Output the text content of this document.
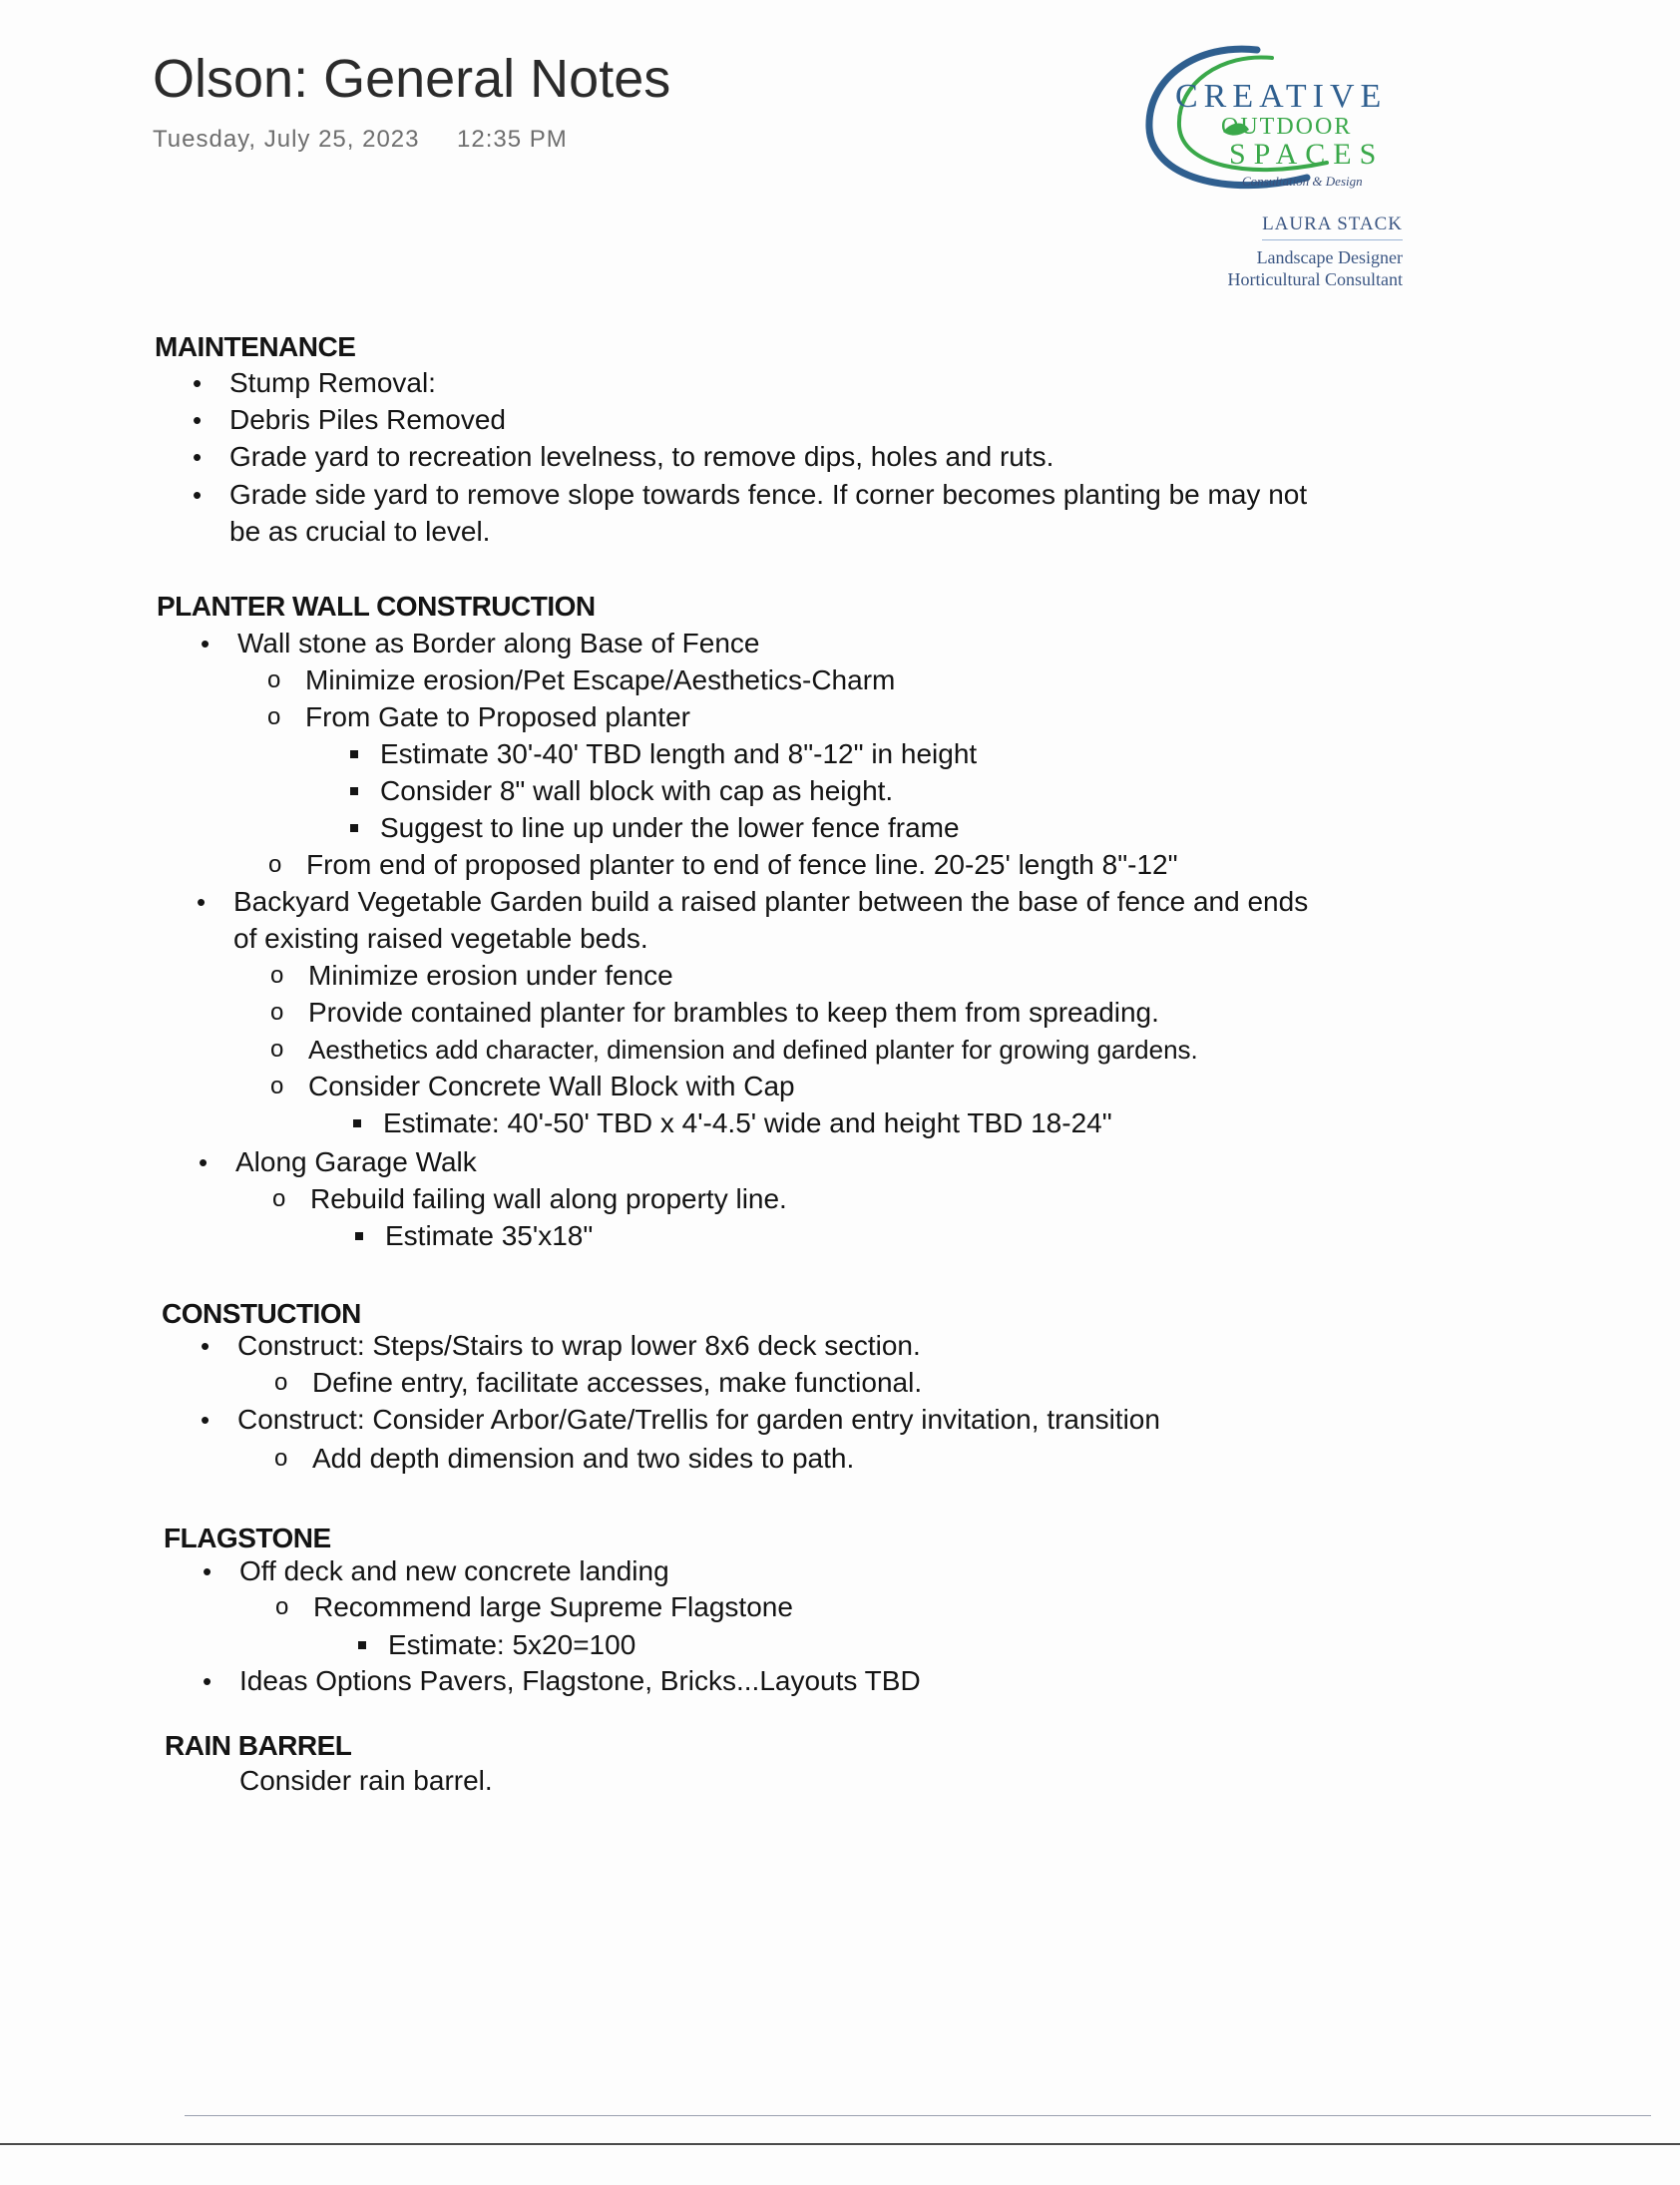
Olson: General Notes
Tuesday, July 25, 2023 12:35 PM
CREATIVE
OUTDOOR
SPACES
Consultation & Design
LAURA STACK
Landscape Designer
Horticultural Consultant
MAINTENANCE
• Stump Removal:
• Debris Piles Removed
• Grade yard to recreation levelness, to remove dips, holes and ruts.
• Grade side yard to remove slope towards fence. If corner becomes planting be may not
be as crucial to level.
PLANTER WALL CONSTRUCTION
• Wall stone as Border along Base of Fence
o Minimize erosion/Pet Escape/Aesthetics-Charm
o From Gate to Proposed planter
Estimate 30'-40' TBD length and 8"-12" in height
Consider 8" wall block with cap as height.
Suggest to line up under the lower fence frame
o From end of proposed planter to end of fence line. 20-25' length 8"-12"
• Backyard Vegetable Garden build a raised planter between the base of fence and ends
of existing raised vegetable beds.
o Minimize erosion under fence
o Provide contained planter for brambles to keep them from spreading.
o Aesthetics add character, dimension and defined planter for growing gardens.
o Consider Concrete Wall Block with Cap
Estimate: 40'-50' TBD x 4'-4.5' wide and height TBD 18-24"
• Along Garage Walk
o Rebuild failing wall along property line.
Estimate 35'x18"
CONSTUCTION
• Construct: Steps/Stairs to wrap lower 8x6 deck section.
o Define entry, facilitate accesses, make functional.
• Construct: Consider Arbor/Gate/Trellis for garden entry invitation, transition
o Add depth dimension and two sides to path.
FLAGSTONE
• Off deck and new concrete landing
o Recommend large Supreme Flagstone
Estimate: 5x20=100
• Ideas Options Pavers, Flagstone, Bricks...Layouts TBD
RAIN BARREL
Consider rain barrel.
